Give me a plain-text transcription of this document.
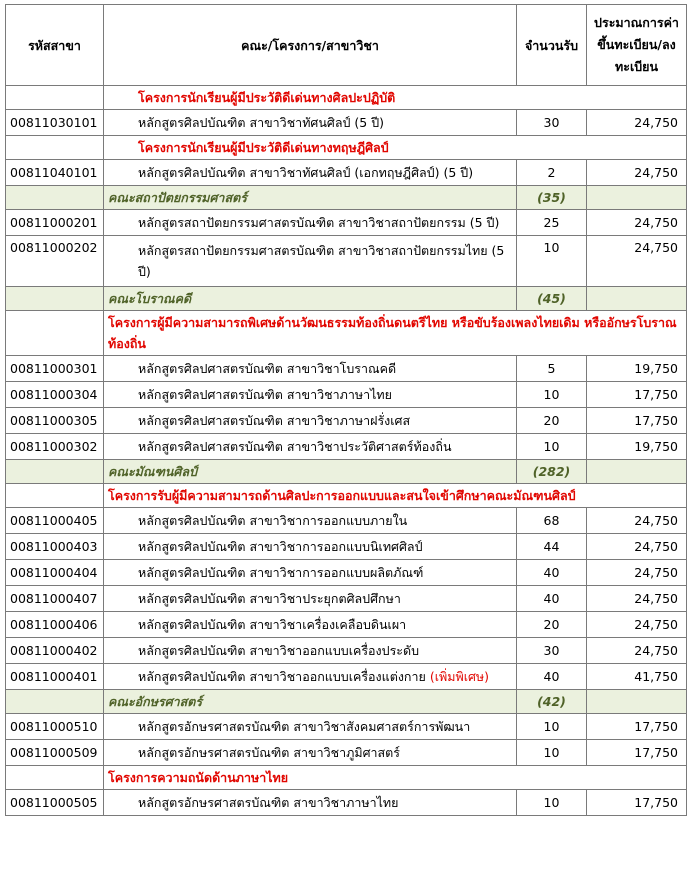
รหัสสาขา	คณะ/โครงการ/สาขาวิชา	จำนวนรับ	ประมาณการค่าขึ้นทะเบียน/ลงทะเบียน
	โครงการนักเรียนผู้มีประวัติดีเด่นทางศิลปะปฏิบัติ		
00811030101	หลักสูตรศิลปบัณฑิต สาขาวิชาทัศนศิลป์ (5 ปี)	30	24,750
	โครงการนักเรียนผู้มีประวัติดีเด่นทางทฤษฎีศิลป์		
00811040101	หลักสูตรศิลปบัณฑิต สาขาวิชาทัศนศิลป์ (เอกทฤษฎีศิลป์) (5 ปี)	2	24,750
	คณะสถาปัตยกรรมศาสตร์	(35)	
00811000201	หลักสูตรสถาปัตยกรรมศาสตรบัณฑิต สาขาวิชาสถาปัตยกรรม (5 ปี)	25	24,750
00811000202	หลักสูตรสถาปัตยกรรมศาสตรบัณฑิต สาขาวิชาสถาปัตยกรรมไทย (5 ปี)	10	24,750
	คณะโบราณคดี	(45)	
	โครงการผู้มีความสามารถพิเศษด้านวัฒนธรรมท้องถิ่นดนตรีไทย หรือขับร้องเพลงไทยเดิม หรืออักษรโบราณท้องถิ่น		
00811000301	หลักสูตรศิลปศาสตรบัณฑิต สาขาวิชาโบราณคดี	5	19,750
00811000304	หลักสูตรศิลปศาสตรบัณฑิต สาขาวิชาภาษาไทย	10	17,750
00811000305	หลักสูตรศิลปศาสตรบัณฑิต สาขาวิชาภาษาฝรั่งเศส	20	17,750
00811000302	หลักสูตรศิลปศาสตรบัณฑิต สาขาวิชาประวัติศาสตร์ท้องถิ่น	10	19,750
	คณะมัณฑนศิลป์	(282)	
	โครงการรับผู้มีความสามารถด้านศิลปะการออกแบบและสนใจเข้าศึกษาคณะมัณฑนศิลป์		
00811000405	หลักสูตรศิลปบัณฑิต สาขาวิชาการออกแบบภายใน	68	24,750
00811000403	หลักสูตรศิลปบัณฑิต สาขาวิชาการออกแบบนิเทศศิลป์	44	24,750
00811000404	หลักสูตรศิลปบัณฑิต สาขาวิชาการออกแบบผลิตภัณฑ์	40	24,750
00811000407	หลักสูตรศิลปบัณฑิต สาขาวิชาประยุกตศิลปศึกษา	40	24,750
00811000406	หลักสูตรศิลปบัณฑิต สาขาวิชาเครื่องเคลือบดินเผา	20	24,750
00811000402	หลักสูตรศิลปบัณฑิต สาขาวิชาออกแบบเครื่องประดับ	30	24,750
00811000401	หลักสูตรศิลปบัณฑิต สาขาวิชาออกแบบเครื่องแต่งกาย (เพิ่มพิเศษ)	40	41,750
	คณะอักษรศาสตร์	(42)	
00811000510	หลักสูตรอักษรศาสตรบัณฑิต สาขาวิชาสังคมศาสตร์การพัฒนา	10	17,750
00811000509	หลักสูตรอักษรศาสตรบัณฑิต สาขาวิชาภูมิศาสตร์	10	17,750
	โครงการความถนัดด้านภาษาไทย		
00811000505	หลักสูตรอักษรศาสตรบัณฑิต สาขาวิชาภาษาไทย	10	17,750
